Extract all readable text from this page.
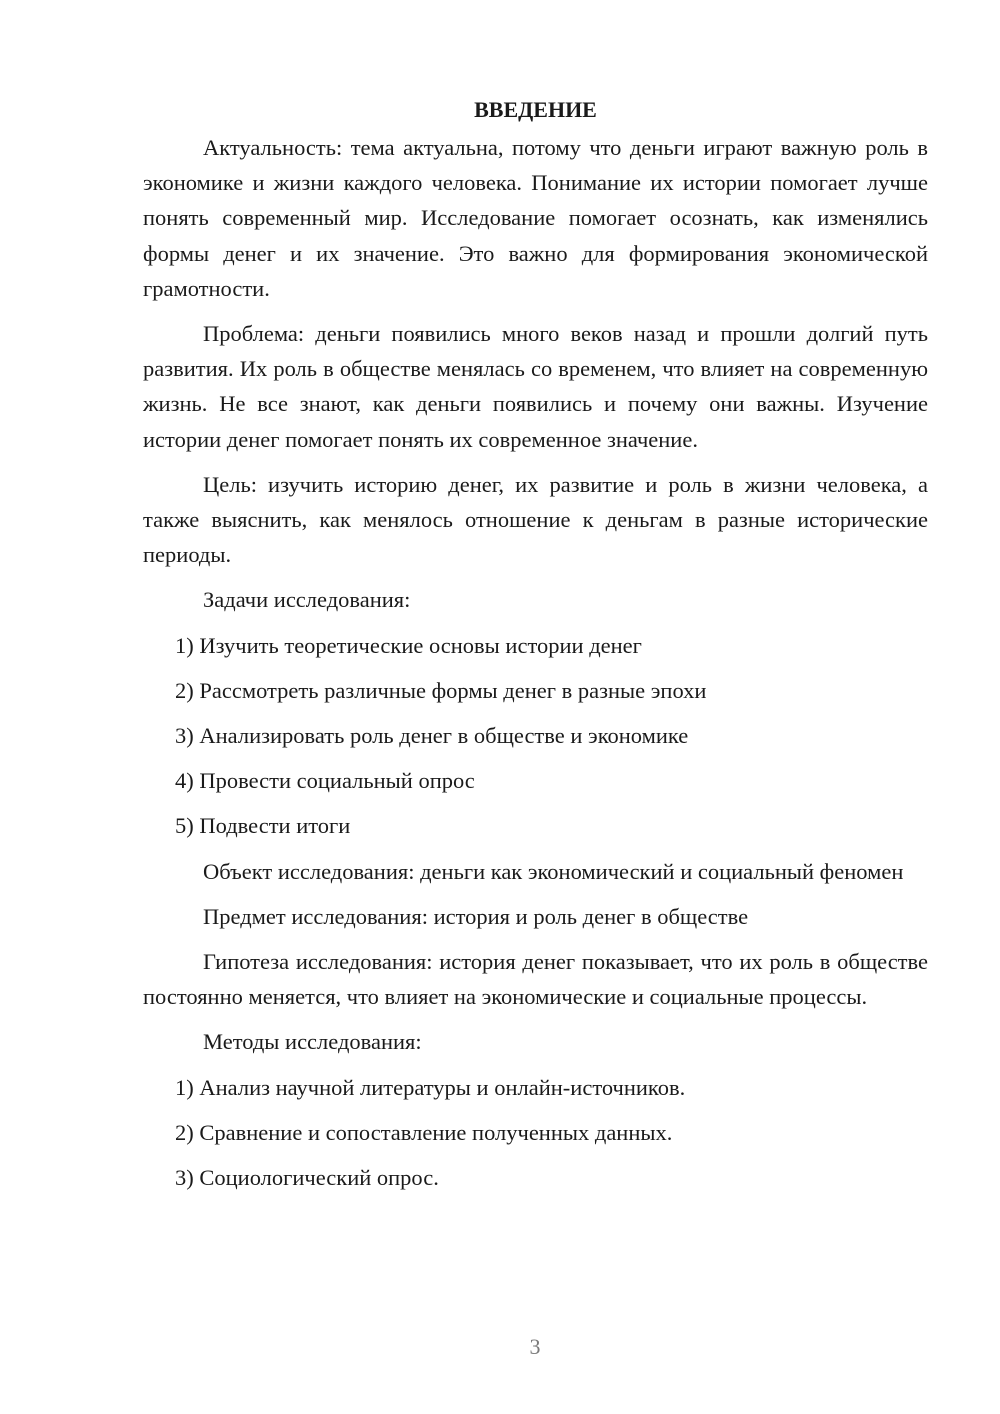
ВВЕДЕНИЕ

Актуальность: тема актуальна, потому что деньги играют важную роль в экономике и жизни каждого человека. Понимание их истории помогает лучше понять современный мир. Исследование помогает осознать, как изменялись формы денег и их значение. Это важно для формирования экономической грамотности.

Проблема: деньги появились много веков назад и прошли долгий путь развития. Их роль в обществе менялась со временем, что влияет на современную жизнь. Не все знают, как деньги появились и почему они важны. Изучение истории денег помогает понять их современное значение.

Цель: изучить историю денег, их развитие и роль в жизни человека, а также выяснить, как менялось отношение к деньгам в разные исторические периоды.

Задачи исследования:

1) Изучить теоретические основы истории денег

2) Рассмотреть различные формы денег в разные эпохи

3) Анализировать роль денег в обществе и экономике

4) Провести социальный опрос

5) Подвести итоги

Объект исследования: деньги как экономический и социальный феномен

Предмет исследования: история и роль денег в обществе

Гипотеза исследования: история денег показывает, что их роль в обществе постоянно меняется, что влияет на экономические и социальные процессы.

Методы исследования:

1) Анализ научной литературы и онлайн-источников.

2) Сравнение и сопоставление полученных данных.

3) Социологический опрос.

3
